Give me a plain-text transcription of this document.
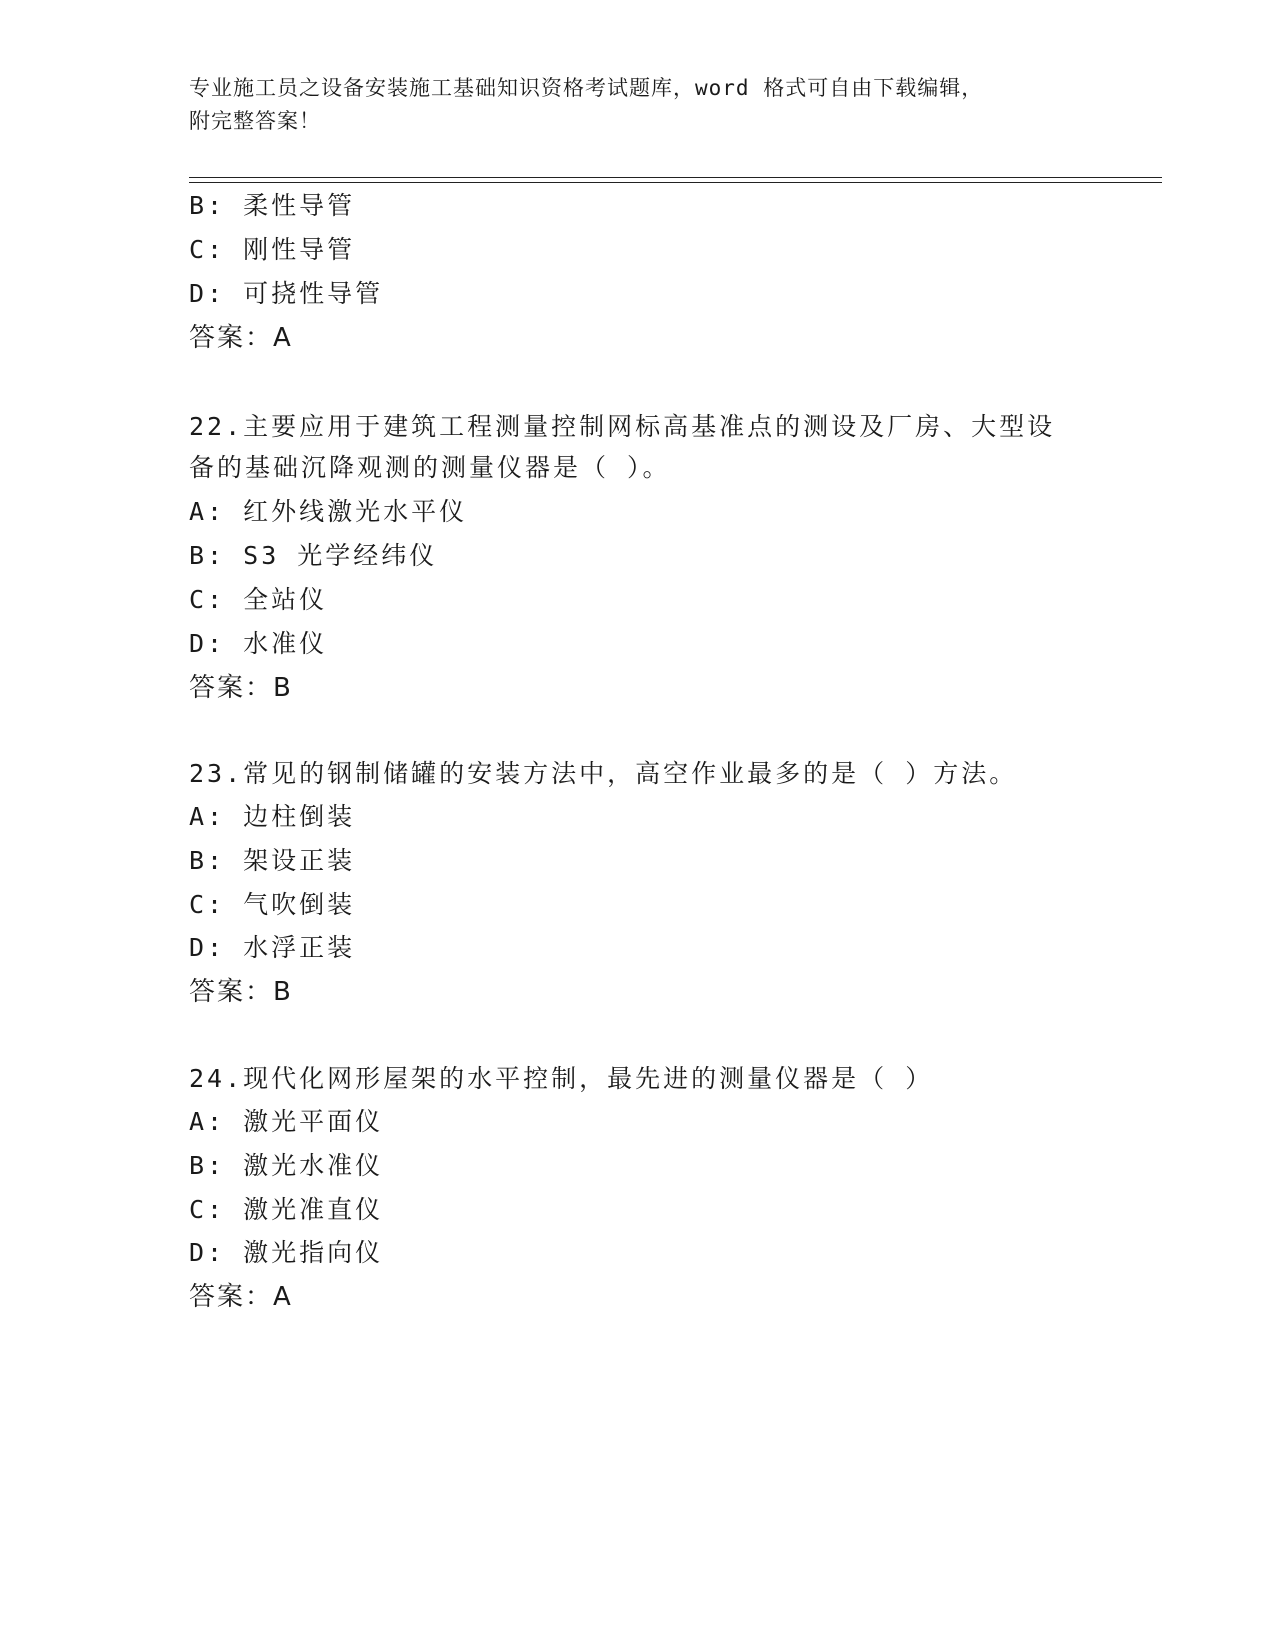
专业施工员之设备安装施工基础知识资格考试题库，word 格式可自由下载编辑，
附完整答案！
B: 柔性导管
C: 刚性导管
D: 可挠性导管
答案：A
22.主要应用于建筑工程测量控制网标高基准点的测设及厂房、大型设
备的基础沉降观测的测量仪器是（ ）。
A: 红外线激光水平仪
B: S3 光学经纬仪
C: 全站仪
D: 水准仪
答案：B
23.常见的钢制储罐的安装方法中，高空作业最多的是（ ）方法。
A: 边柱倒装
B: 架设正装
C: 气吹倒装
D: 水浮正装
答案：B
24.现代化网形屋架的水平控制，最先进的测量仪器是（ ）
A: 激光平面仪
B: 激光水准仪
C: 激光准直仪
D: 激光指向仪
答案：A
